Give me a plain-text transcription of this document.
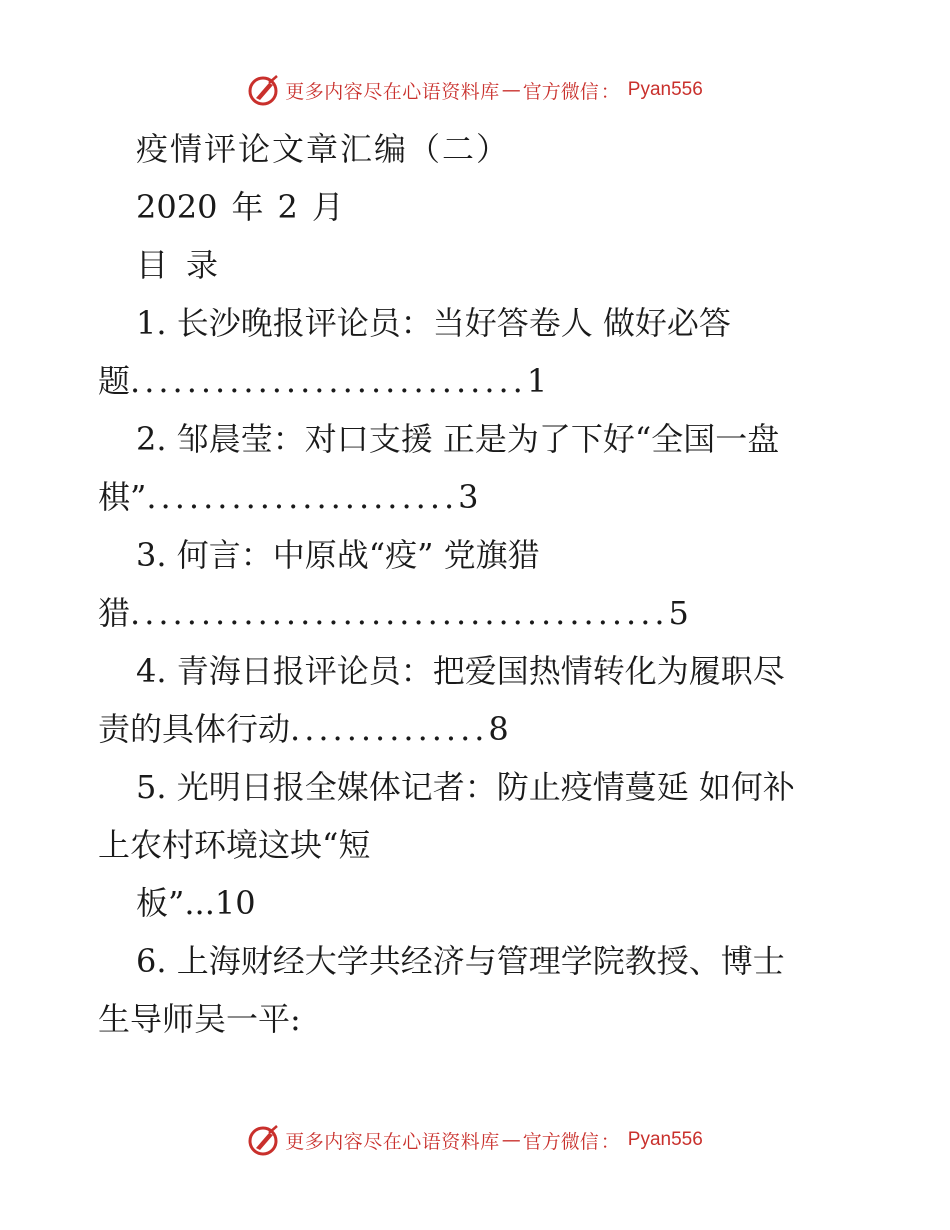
更多内容尽在心语资料库 — 官方微信 ： Pyan556
疫情评论文章汇编（二）
2020 年 2 月
目 录
1. 长沙晚报评论员：当好答卷人 做好必答
题............................1
2. 邹晨莹：对口支援 正是为了下好“全国一盘
棋”......................3
3. 何言：中原战“疫” 党旗猎
猎......................................5
4. 青海日报评论员：把爱国热情转化为履职尽
责的具体行动..............8
5. 光明日报全媒体记者：防止疫情蔓延 如何补
上农村环境这块“短
板”...10
6. 上海财经大学共经济与管理学院教授、博士
生导师吴一平:
更多内容尽在心语资料库 — 官方微信 ： Pyan556
